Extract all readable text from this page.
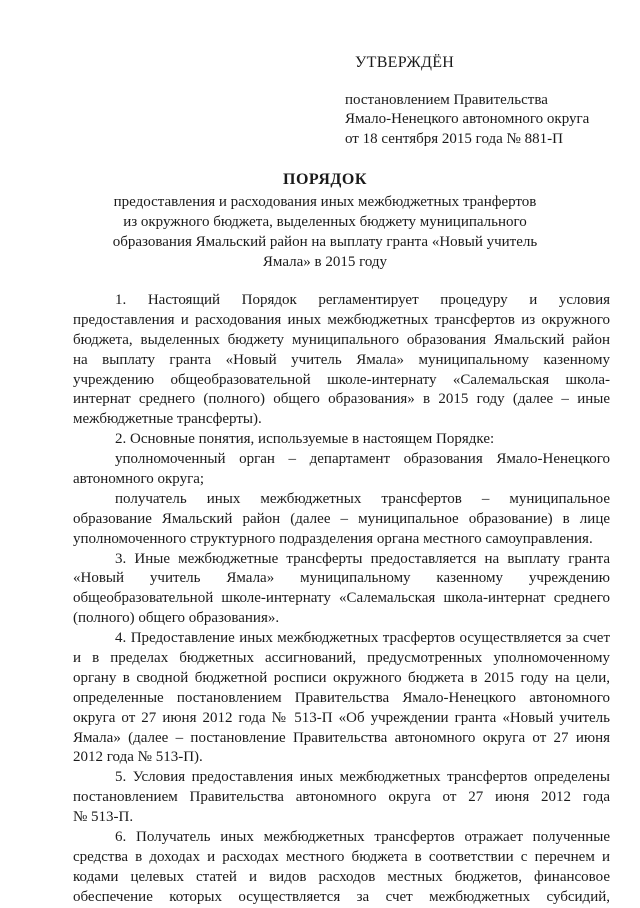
УТВЕРЖДЁН
постановлением Правительства
Ямало-Ненецкого автономного округа
от 18 сентября 2015 года № 881-П
ПОРЯДОК
предоставления и расходования иных межбюджетных транфертов
из окружного бюджета, выделенных бюджету муниципального
образования Ямальский район на выплату гранта «Новый учитель
Ямала» в 2015 году
1. Настоящий Порядок регламентирует процедуру и условия
предоставления и расходования иных межбюджетных трансфертов из окружного
бюджета, выделенных бюджету муниципального образования Ямальский район
на выплату гранта «Новый учитель Ямала» муниципальному казенному
учреждению общеобразовательной школе-интернату «Салемальская школа-
интернат среднего (полного) общего образования» в 2015 году (далее – иные
межбюджетные трансферты).
2. Основные понятия, используемые в настоящем Порядке:
уполномоченный орган – департамент образования Ямало-Ненецкого
автономного округа;
получатель иных межбюджетных трансфертов – муниципальное
образование Ямальский район (далее – муниципальное образование) в лице
уполномоченного структурного подразделения органа местного самоуправления.
3. Иные межбюджетные трансферты предоставляется на выплату гранта
«Новый учитель Ямала» муниципальному казенному учреждению
общеобразовательной школе-интернату «Салемальская школа-интернат среднего
(полного) общего образования».
4. Предоставление иных межбюджетных трасфертов осуществляется за счет
и в пределах бюджетных ассигнований, предусмотренных уполномоченному
органу в сводной бюджетной росписи окружного бюджета в 2015 году на цели,
определенные постановлением Правительства Ямало-Ненецкого автономного
округа от 27 июня 2012 года № 513-П «Об учреждении гранта «Новый учитель
Ямала» (далее – постановление Правительства автономного округа от 27 июня
2012 года № 513-П).
5. Условия предоставления иных межбюджетных трансфертов определены
постановлением Правительства автономного округа от 27 июня 2012 года
№ 513-П.
6. Получатель иных межбюджетных трансфертов отражает полученные
средства в доходах и расходах местного бюджета в соответствии с перечнем и
кодами целевых статей и видов расходов местных бюджетов, финансовое
обеспечение которых осуществляется за счет межбюджетных субсидий,
